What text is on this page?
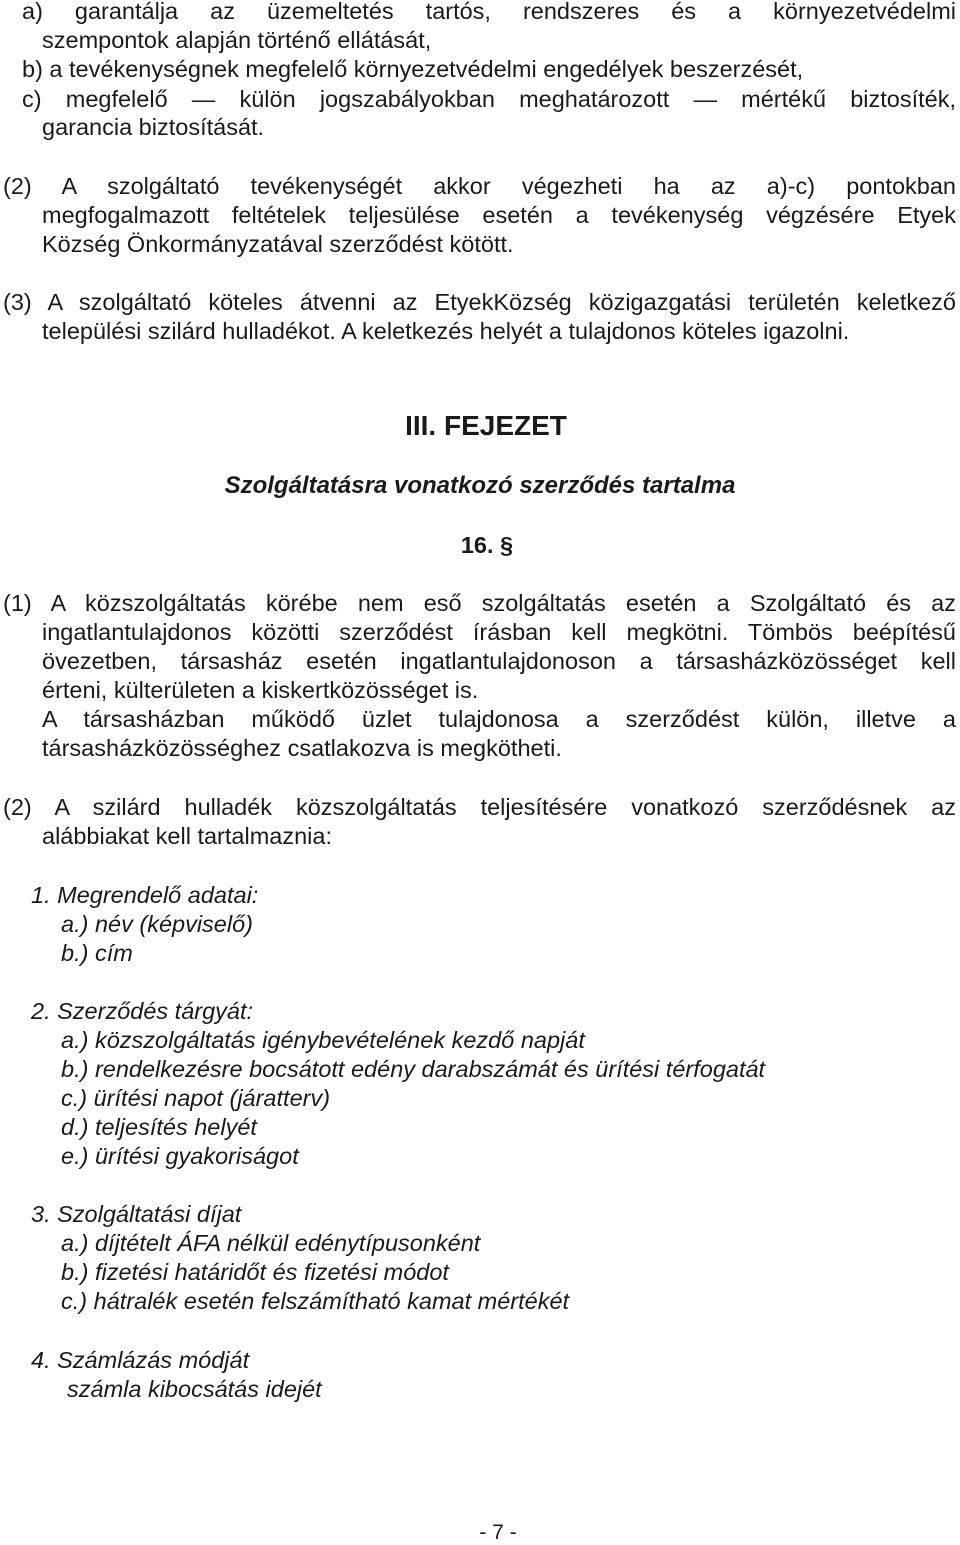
a) garantálja az üzemeltetés tartós, rendszeres és a környezetvédelmi
szempontok alapján történő ellátását,
b) a tevékenységnek megfelelő környezetvédelmi engedélyek beszerzését,
c) megfelelő — külön jogszabályokban meghatározott — mértékű biztosíték,
garancia biztosítását.
(2) A szolgáltató tevékenységét akkor végezheti ha az a)-c) pontokban
megfogalmazott feltételek teljesülése esetén a tevékenység végzésére Etyek
Község Önkormányzatával szerződést kötött.
(3) A szolgáltató köteles átvenni az EtyekKözség közigazgatási területén keletkező
települési szilárd hulladékot. A keletkezés helyét a tulajdonos köteles igazolni.
III. FEJEZET
Szolgáltatásra vonatkozó szerződés tartalma
16. §
(1) A közszolgáltatás körébe nem eső szolgáltatás esetén a Szolgáltató és az
ingatlantulajdonos közötti szerződést írásban kell megkötni. Tömbös beépítésű
övezetben, társasház esetén ingatlantulajdonoson a társasházközösséget kell
érteni, külterületen a kiskertközösséget is.
A társasházban működő üzlet tulajdonosa a szerződést külön, illetve a
társasházközösséghez csatlakozva is megkötheti.
(2) A szilárd hulladék közszolgáltatás teljesítésére vonatkozó szerződésnek az
alábbiakat kell tartalmaznia:
1. Megrendelő adatai:
a.) név (képviselő)
b.) cím
2. Szerződés tárgyát:
a.) közszolgáltatás igénybevételének kezdő napját
b.) rendelkezésre bocsátott edény darabszámát és ürítési térfogatát
c.) ürítési napot (járatterv)
d.) teljesítés helyét
e.) ürítési gyakoriságot
3. Szolgáltatási díjat
a.) díjtételt ÁFA nélkül edénytípusonként
b.) fizetési határidőt és fizetési módot
c.) hátralék esetén felszámítható kamat mértékét
4. Számlázás módját
számla kibocsátás idejét
- 7 -
